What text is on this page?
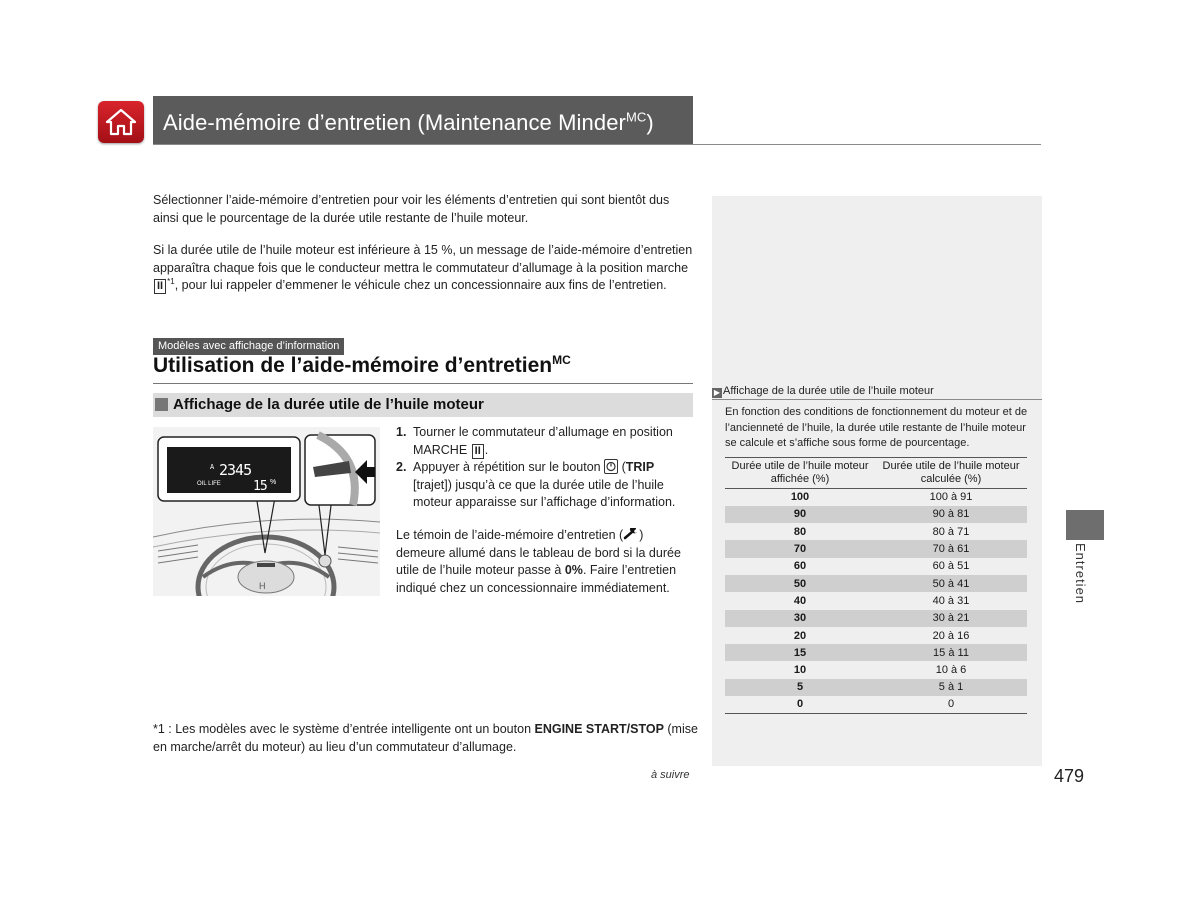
Aide-mémoire d’entretien (Maintenance Minder$^{MC}$)
Sélectionner l’aide-mémoire d’entretien pour voir les éléments d’entretien qui sont bientôt dus ainsi que le pourcentage de la durée utile restante de l’huile moteur.
Si la durée utile de l’huile moteur est inférieure à 15 %, un message de l’aide-mémoire d’entretien apparaîtra chaque fois que le conducteur mettra le commutateur d’allumage à la position marche II $^{*1}$, pour lui rappeler d’emmener le véhicule chez un concessionnaire aux fins de l’entretien.
Modèles avec affichage d’information
Utilisation de l’aide-mémoire d’entretien$^{MC}$
Affichage de la durée utile de l’huile moteur
H
A 2345
OIL LIFE 15 %
1. Tourner le commutateur d’allumage en position MARCHE II .
2. Appuyer à répétition sur le bouton
(TRIP [trajet]) jusqu’à ce que la durée utile de l’huile moteur apparaisse sur l’affichage d’information.
Le témoin de l’aide-mémoire d’entretien ( ) demeure allumé dans le tableau de bord si la durée utile de l’huile moteur passe à 0%. Faire l’entretien indiqué chez un concessionnaire immédiatement.
*1 : Les modèles avec le système d’entrée intelligente ont un bouton ENGINE START/STOP (mise en marche/arrêt du moteur) au lieu d’un commutateur d’allumage.
▶ Affichage de la durée utile de l’huile moteur
En fonction des conditions de fonctionnement du moteur et de l’ancienneté de l’huile, la durée utile restante de l’huile moteur se calcule et s’affiche sous forme de pourcentage.
Durée utile de l’huile moteur affichée (%)	Durée utile de l’huile moteur calculée (%)
100	100 à 91
90	90 à 81
80	80 à 71
70	70 à 61
60	60 à 51
50	50 à 41
40	40 à 31
30	30 à 21
20	20 à 16
15	15 à 11
10	10 à 6
5	5 à 1
0	0
Entretien
à suivre	479
